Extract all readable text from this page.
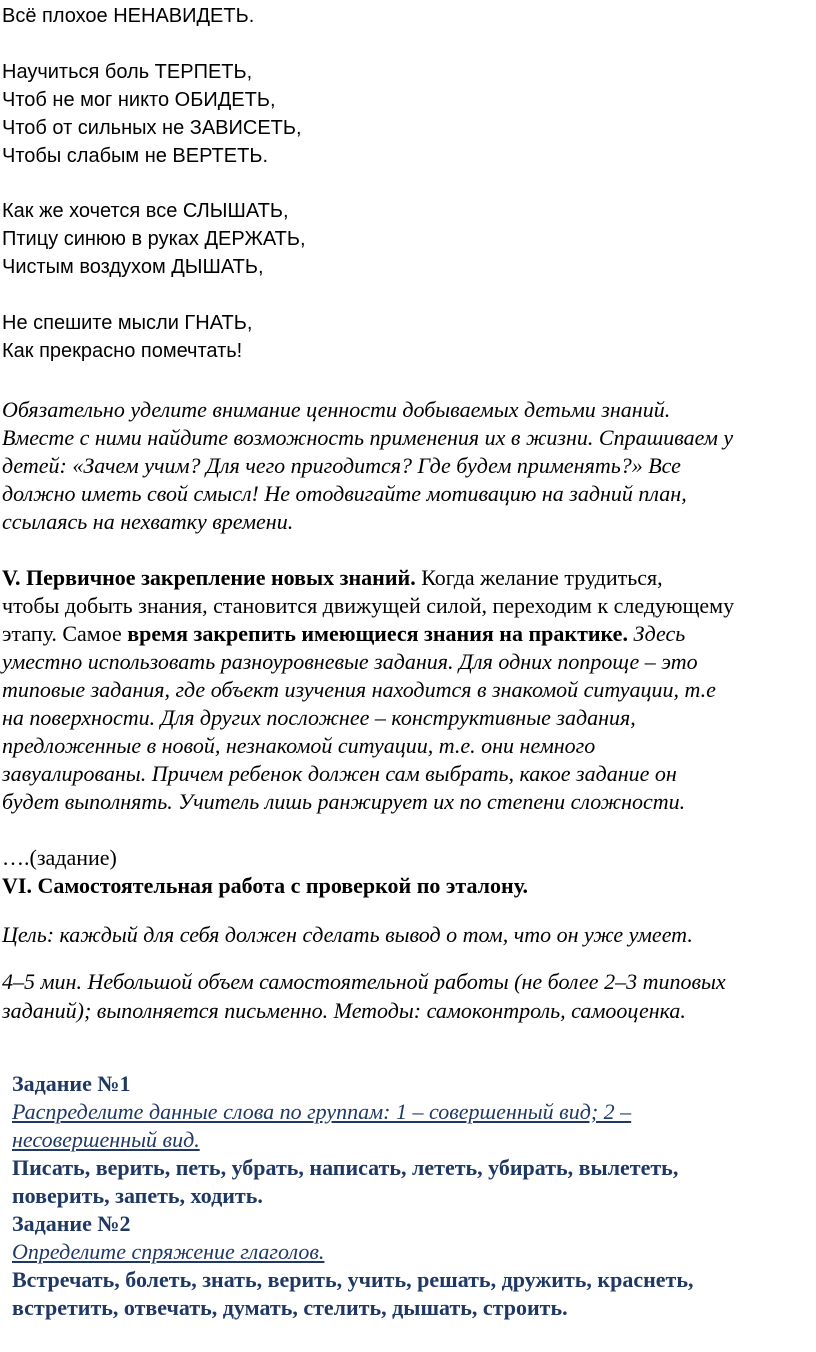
Всё плохое НЕНАВИДЕТЬ.
Научиться боль ТЕРПЕТЬ,
Чтоб не мог никто ОБИДЕТЬ,
Чтоб от сильных не ЗАВИСЕТЬ,
Чтобы слабым не ВЕРТЕТЬ.
Как же хочется все СЛЫШАТЬ,
Птицу синюю в руках ДЕРЖАТЬ,
Чистым воздухом ДЫШАТЬ,
Не спешите мысли ГНАТЬ,
Как прекрасно помечтать!
Обязательно уделите внимание ценности добываемых детьми знаний.
Вместе с ними найдите возможность применения их в жизни. Спрашиваем у
детей: «Зачем учим? Для чего пригодится? Где будем применять?» Все
должно иметь свой смысл! Не отодвигайте мотивацию на задний план,
ссылаясь на нехватку времени.
V. Первичное закрепление новых знаний. Когда желание трудиться,
чтобы добыть знания, становится движущей силой, переходим к следующему
этапу. Самое время закрепить имеющиеся знания на практике. Здесь
уместно использовать разноуровневые задания. Для одних попроще – это
типовые задания, где объект изучения находится в знакомой ситуации, т.е
на поверхности. Для других посложнее – конструктивные задания,
предложенные в новой, незнакомой ситуации, т.е. они немного
завуалированы. Причем ребенок должен сам выбрать, какое задание он
будет выполнять. Учитель лишь ранжирует их по степени сложности.
….(задание)
VI. Самостоятельная работа с проверкой по эталону.
Цель: каждый для себя должен сделать вывод о том, что он уже умеет.
4–5 мин. Небольшой объем самостоятельной работы (не более 2–3 типовых
заданий); выполняется письменно. Методы: самоконтроль, самооценка.
Задание №1
Распределите данные слова по группам: 1 – совершенный вид; 2 –
несовершенный вид.
Писать, верить, петь, убрать, написать, лететь, убирать, вылететь,
поверить, запеть, ходить.
Задание №2
Определите спряжение глаголов.
Встречать, болеть, знать, верить, учить, решать, дружить, краснеть,
встретить, отвечать, думать, стелить, дышать, строить.
